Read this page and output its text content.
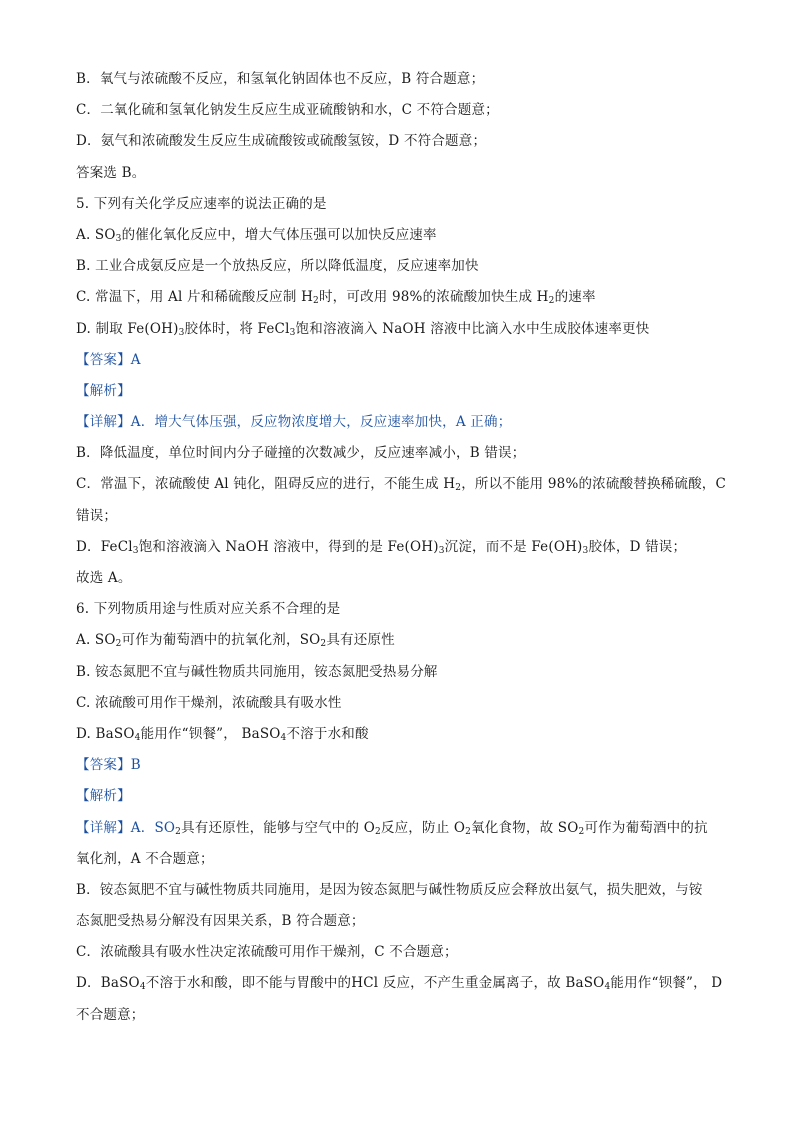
B．氧气与浓硫酸不反应，和氢氧化钠固体也不反应，B 符合题意；
C．二氧化硫和氢氧化钠发生反应生成亚硫酸钠和水，C 不符合题意；
D．氨气和浓硫酸发生反应生成硫酸铵或硫酸氢铵，D 不符合题意；
答案选 B。
5. 下列有关化学反应速率的说法正确的是
A. $SO_3$的催化氧化反应中，增大气体压强可以加快反应速率
B. 工业合成氨反应是一个放热反应，所以降低温度，反应速率加快
C. 常温下，用 Al 片和稀硫酸反应制 $H_2$时，可改用 98%的浓硫酸加快生成 $H_2$的速率
D. 制取 $Fe(OH)_3$胶体时，将 FeCl$_3$饱和溶液滴入 NaOH 溶液中比滴入水中生成胶体速率更快
【答案】A
【解析】
【详解】A．增大气体压强，反应物浓度增大，反应速率加快，A 正确；
B．降低温度，单位时间内分子碰撞的次数减少，反应速率减小，B 错误；
C．常温下，浓硫酸使 Al 钝化，阻碍反应的进行，不能生成 $H_2$，所以不能用 98%的浓硫酸替换稀硫酸，C
错误；
D．FeCl$_3$饱和溶液滴入 NaOH 溶液中，得到的是 $Fe(OH)_3$沉淀，而不是 $Fe(OH)_3$胶体，D 错误；
故选 A。
6. 下列物质用途与性质对应关系不合理的是
A. $SO_2$可作为葡萄酒中的抗氧化剂，$SO_2$具有还原性
B. 铵态氮肥不宜与碱性物质共同施用，铵态氮肥受热易分解
C. 浓硫酸可用作干燥剂，浓硫酸具有吸水性
D. BaSO$_4$能用作“钡餐”， BaSO$_4$不溶于水和酸
【答案】B
【解析】
【详解】A．$SO_2$具有还原性，能够与空气中的 $O_2$反应，防止 $O_2$氧化食物，故 $SO_2$可作为葡萄酒中的抗
氧化剂，A 不合题意；
B．铵态氮肥不宜与碱性物质共同施用，是因为铵态氮肥与碱性物质反应会释放出氨气，损失肥效，与铵
态氮肥受热易分解没有因果关系，B 符合题意；
C．浓硫酸具有吸水性决定浓硫酸可用作干燥剂，C 不合题意；
D．BaSO$_4$不溶于水和酸，即不能与胃酸中的HCl 反应，不产生重金属离子，故 BaSO$_4$能用作“钡餐”， D
不合题意；
